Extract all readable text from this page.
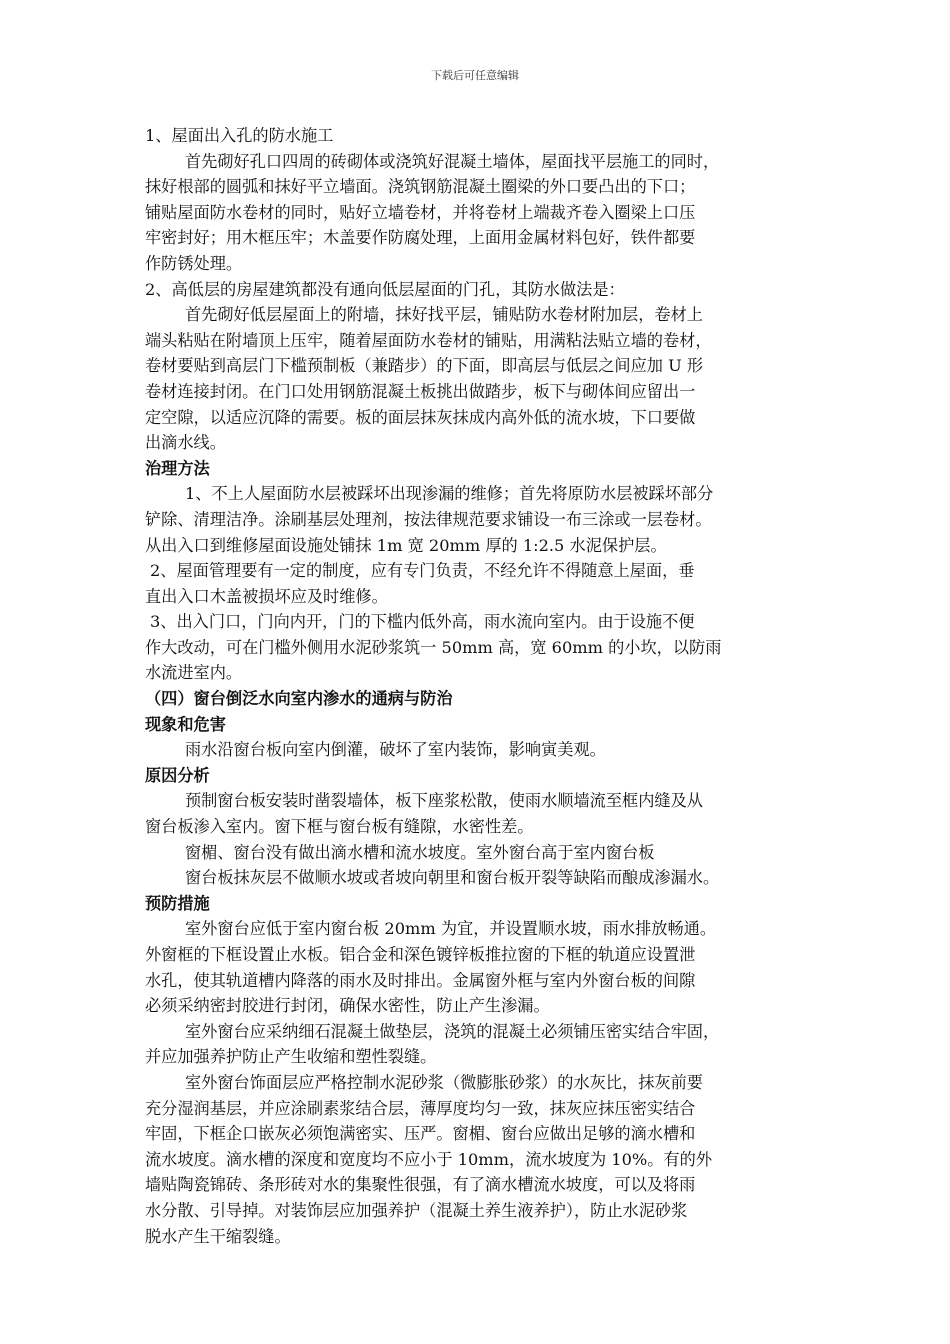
下载后可任意编辑
1、屋面出入孔的防水施工
首先砌好孔口四周的砖砌体或浇筑好混凝土墙体，屋面找平层施工的同时，
抹好根部的圆弧和抹好平立墙面。浇筑钢筋混凝土圈梁的外口要凸出的下口；
铺贴屋面防水卷材的同时，贴好立墙卷材，并将卷材上端裁齐卷入圈梁上口压
牢密封好；用木框压牢；木盖要作防腐处理，上面用金属材料包好，铁件都要
作防锈处理。
2、高低层的房屋建筑都没有通向低层屋面的门孔，其防水做法是：
首先砌好低层屋面上的附墙，抹好找平层，铺贴防水卷材附加层，卷材上
端头粘贴在附墙顶上压牢，随着屋面防水卷材的铺贴，用满粘法贴立墙的卷材，
卷材要贴到高层门下槛预制板（兼踏步）的下面，即高层与低层之间应加 U 形
卷材连接封闭。在门口处用钢筋混凝土板挑出做踏步，板下与砌体间应留出一
定空隙，以适应沉降的需要。板的面层抹灰抹成内高外低的流水坡，下口要做
出滴水线。
治理方法
1、不上人屋面防水层被踩坏出现渗漏的维修；首先将原防水层被踩坏部分
铲除、清理洁净。涂刷基层处理剂，按法律规范要求铺设一布三涂或一层卷材。
从出入口到维修屋面设施处铺抹 1m 宽 20mm 厚的 1:2.5 水泥保护层。
2、屋面管理要有一定的制度，应有专门负责，不经允许不得随意上屋面，垂
直出入口木盖被损坏应及时维修。
3、出入门口，门向内开，门的下槛内低外高，雨水流向室内。由于设施不便
作大改动，可在门槛外侧用水泥砂浆筑一 50mm 高，宽 60mm 的小坎，以防雨
水流进室内。
（四）窗台倒泛水向室内渗水的通病与防治
现象和危害
雨水沿窗台板向室内倒灌，破坏了室内装饰，影响寅美观。
原因分析
预制窗台板安装时凿裂墙体，板下座浆松散，使雨水顺墙流至框内缝及从
窗台板渗入室内。窗下框与窗台板有缝隙，水密性差。
窗楣、窗台没有做出滴水槽和流水坡度。室外窗台高于室内窗台板
窗台板抹灰层不做顺水坡或者坡向朝里和窗台板开裂等缺陷而酿成渗漏水。
预防措施
室外窗台应低于室内窗台板 20mm 为宜，并设置顺水坡，雨水排放畅通。
外窗框的下框设置止水板。铝合金和深色镀锌板推拉窗的下框的轨道应设置泄
水孔，使其轨道槽内降落的雨水及时排出。金属窗外框与室内外窗台板的间隙
必须采纳密封胶进行封闭，确保水密性，防止产生渗漏。
室外窗台应采纳细石混凝土做垫层，浇筑的混凝土必须铺压密实结合牢固，
并应加强养护防止产生收缩和塑性裂缝。
室外窗台饰面层应严格控制水泥砂浆（微膨胀砂浆）的水灰比，抹灰前要
充分湿润基层，并应涂刷素浆结合层，薄厚度均匀一致，抹灰应抹压密实结合
牢固，下框企口嵌灰必须饱满密实、压严。窗楣、窗台应做出足够的滴水槽和
流水坡度。滴水槽的深度和宽度均不应小于 10mm，流水坡度为 10%。有的外
墙贴陶瓷锦砖、条形砖对水的集聚性很强，有了滴水槽流水坡度，可以及将雨
水分散、引导掉。对装饰层应加强养护（混凝土养生液养护），防止水泥砂浆
脱水产生干缩裂缝。
